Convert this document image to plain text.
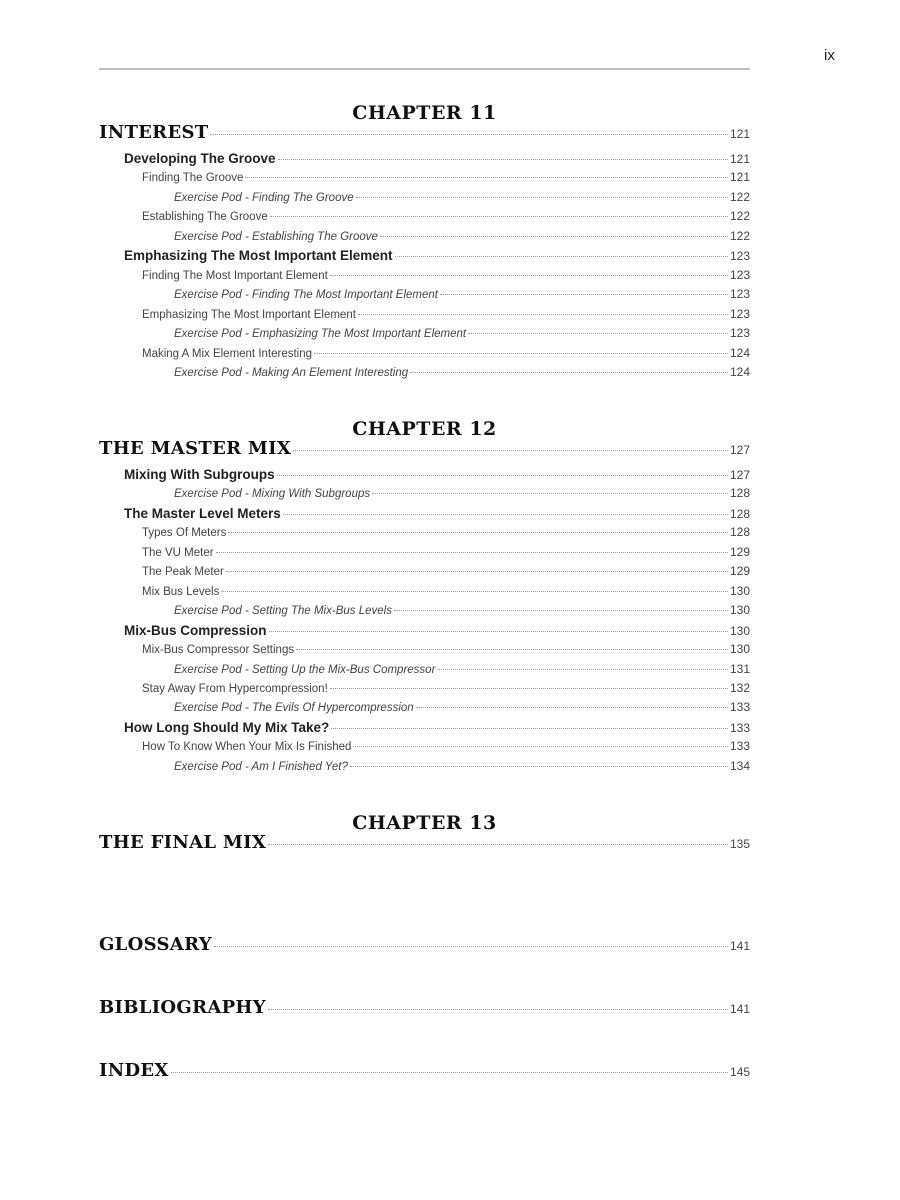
ix
CHAPTER 11
INTEREST	121
Developing The Groove	121
Finding The Groove	121
Exercise Pod - Finding The Groove	122
Establishing The Groove	122
Exercise Pod - Establishing The Groove	122
Emphasizing The Most Important Element	123
Finding The Most Important Element	123
Exercise Pod - Finding The Most Important Element	123
Emphasizing The Most Important Element	123
Exercise Pod - Emphasizing The Most Important Element	123
Making A Mix Element Interesting	124
Exercise Pod - Making An Element Interesting	124
CHAPTER 12
THE MASTER MIX	127
Mixing With Subgroups	127
Exercise Pod - Mixing With Subgroups	128
The Master Level Meters	128
Types Of Meters	128
The VU Meter	129
The Peak Meter	129
Mix Bus Levels	130
Exercise Pod - Setting The Mix-Bus Levels	130
Mix-Bus Compression	130
Mix-Bus Compressor Settings	130
Exercise Pod - Setting Up the Mix-Bus Compressor	131
Stay Away From Hypercompression!	132
Exercise Pod - The Evils Of Hypercompression	133
How Long Should My Mix Take?	133
How To Know When Your Mix Is Finished	133
Exercise Pod - Am I Finished Yet?	134
CHAPTER 13
THE FINAL MIX	135
GLOSSARY	141
BIBLIOGRAPHY	141
INDEX	145
